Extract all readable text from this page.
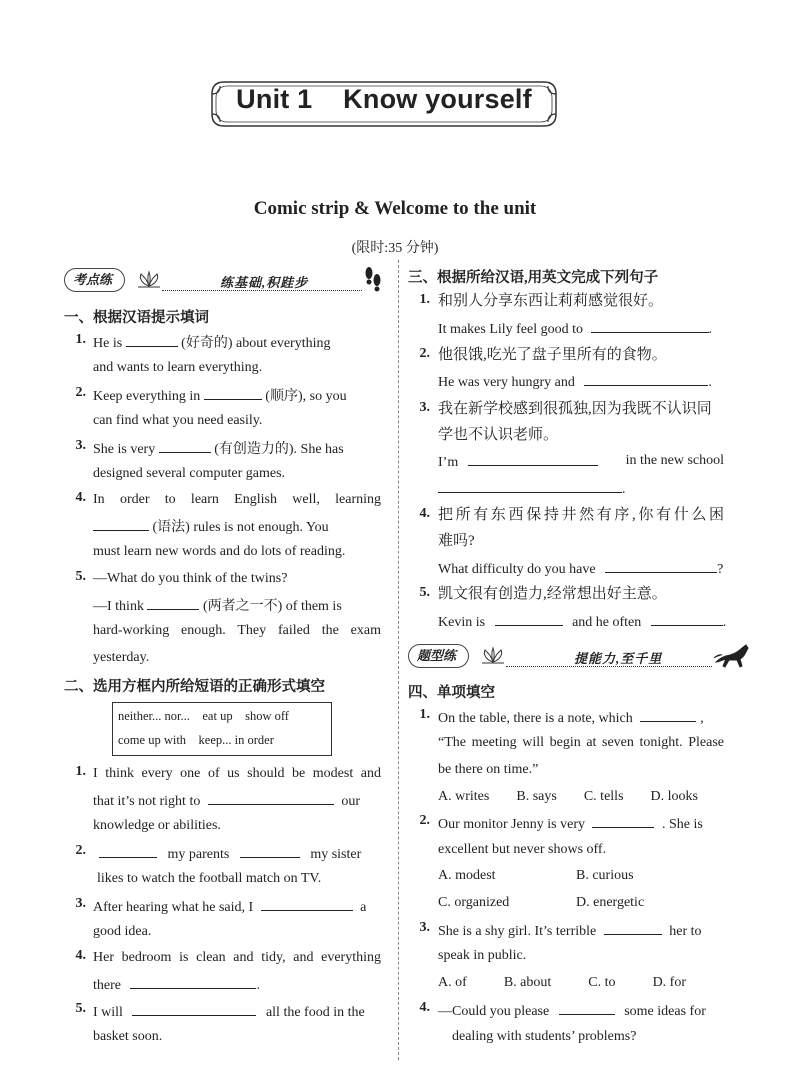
Unit 1    Know yourself
Comic strip & Welcome to the unit
(限时:35 分钟)
考点练	练基础,积跬步
一、根据汉语提示填词
1. He is	(好奇的) about everything
and wants to learn everything.
2. Keep everything in	(顺序), so you
can find what you need easily.
3. She is very	(有创造力的). She has
designed several computer games.
4. In order to learn English well, learning
(语法) rules is not enough. You
must learn new words and do lots of reading.
5. —What do you think of the twins?
—I think	(两者之一不) of them is
hard-working enough. They failed the exam
yesterday.
二、选用方框内所给短语的正确形式填空
neither... nor... eat up show off
come up with keep... in order
1. I think every one of us should be modest and
that it’s not right to	our
knowledge or abilities.
2.	my parents	my sister
likes to watch the football match on TV.
3. After hearing what he said, I	a
good idea.
4. Her bedroom is clean and tidy, and everything
there	.
5. I will	all the food in the
basket soon.
三、根据所给汉语,用英文完成下列句子
1. 和别人分享东西让莉莉感觉很好。
It makes Lily feel good to	.
2. 他很饿,吃光了盘子里所有的食物。
He was very hungry and	.
3. 我在新学校感到很孤独,因为我既不认识同
学也不认识老师。
I’m	in the new school
.
4. 把所有东西保持井然有序,你有什么困
难吗?
What difficulty do you have	?
5. 凯文很有创造力,经常想出好主意。
Kevin is	and he often	.
题型练	提能力,至千里
四、单项填空
1. On the table, there is a note, which	,
“The meeting will begin at seven tonight. Please
be there on time.”
A. writes B. says C. tells D. looks
2. Our monitor Jenny is very	. She is
excellent but never shows off.
A. modest	B. curious
C. organized	D. energetic
3. She is a shy girl. It’s terrible	her to
speak in public.
A. of	B. about	C. to	D. for
4. —Could you please	some ideas for
dealing with students’ problems?
